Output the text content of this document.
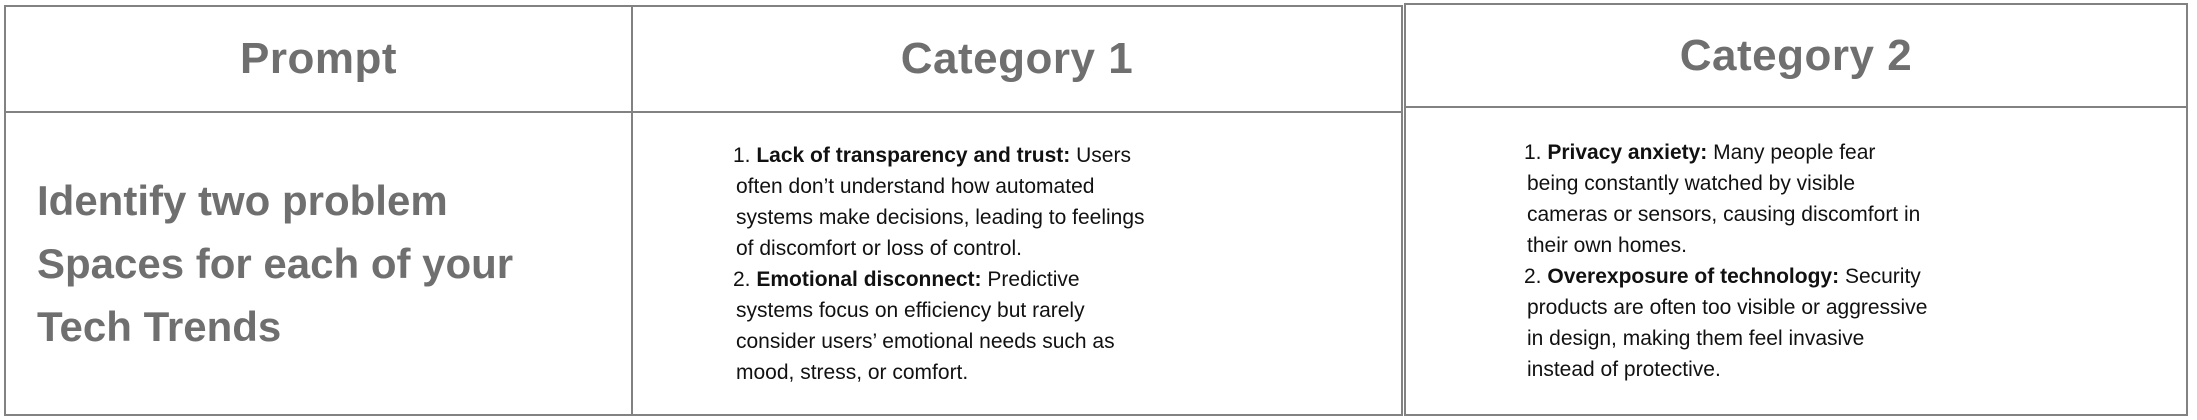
Prompt

Identify two problem Spaces for each of your Tech Trends

Category 1

1. Lack of transparency and trust: Users often don’t understand how automated systems make decisions, leading to feelings of discomfort or loss of control.

2. Emotional disconnect: Predictive systems focus on efficiency but rarely consider users’ emotional needs such as mood, stress, or comfort.

Category 2

1. Privacy anxiety: Many people fear being constantly watched by visible cameras or sensors, causing discomfort in their own homes.

2. Overexposure of technology: Security products are often too visible or aggressive in design, making them feel invasive instead of protective.
